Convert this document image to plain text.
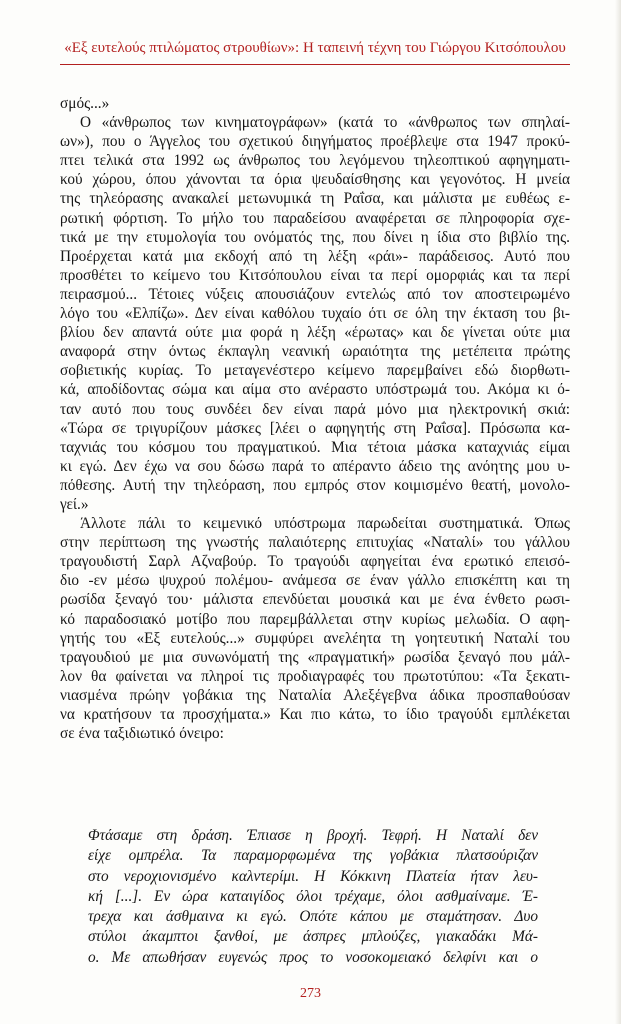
«Εξ ευτελούς πτιλώματος στρουθίων»: Η ταπεινή τέχνη του Γιώργου Κιτσόπουλου
σμός...»
Ο «άνθρωπος των κινηματογράφων» (κατά το «άνθρωπος των σπηλαί-
ων»), που ο Άγγελος του σχετικού διηγήματος προέβλεψε στα 1947 προκύ-
πτει τελικά στα 1992 ως άνθρωπος του λεγόμενου τηλεοπτικού αφηγηματι-
κού χώρου, όπου χάνονται τα όρια ψευδαίσθησης και γεγονότος. Η μνεία
της τηλεόρασης ανακαλεί μετωνυμικά τη Ραΐσα, και μάλιστα με ευθέως ε-
ρωτική φόρτιση. Το μήλο του παραδείσου αναφέρεται σε πληροφορία σχε-
τικά με την ετυμολογία του ονόματός της, που δίνει η ίδια στο βιβλίο της.
Προέρχεται κατά μια εκδοχή από τη λέξη «ράι»- παράδεισος. Αυτό που
προσθέτει το κείμενο του Κιτσόπουλου είναι τα περί ομορφιάς και τα περί
πειρασμού... Τέτοιες νύξεις απουσιάζουν εντελώς από τον αποστειρωμένο
λόγο του «Ελπίζω». Δεν είναι καθόλου τυχαίο ότι σε όλη την έκταση του βι-
βλίου δεν απαντά ούτε μια φορά η λέξη «έρωτας» και δε γίνεται ούτε μια
αναφορά στην όντως έκπαγλη νεανική ωραιότητα της μετέπειτα πρώτης
σοβιετικής κυρίας. Το μεταγενέστερο κείμενο παρεμβαίνει εδώ διορθωτι-
κά, αποδίδοντας σώμα και αίμα στο ανέραστο υπόστρωμά του. Ακόμα κι ό-
ταν αυτό που τους συνδέει δεν είναι παρά μόνο μια ηλεκτρονική σκιά:
«Τώρα σε τριγυρίζουν μάσκες [λέει ο αφηγητής στη Ραΐσα]. Πρόσωπα κα-
ταχνιάς του κόσμου του πραγματικού. Μια τέτοια μάσκα καταχνιάς είμαι
κι εγώ. Δεν έχω να σου δώσω παρά το απέραντο άδειο της ανόητης μου υ-
πόθεσης. Αυτή την τηλεόραση, που εμπρός στον κοιμισμένο θεατή, μονολο-
γεί.»
Άλλοτε πάλι το κειμενικό υπόστρωμα παρωδείται συστηματικά. Όπως
στην περίπτωση της γνωστής παλαιότερης επιτυχίας «Ναταλί» του γάλλου
τραγουδιστή Σαρλ Αζναβούρ. Το τραγούδι αφηγείται ένα ερωτικό επεισό-
διο -εν μέσω ψυχρού πολέμου- ανάμεσα σε έναν γάλλο επισκέπτη και τη
ρωσίδα ξεναγό του· μάλιστα επενδύεται μουσικά και με ένα ένθετο ρωσι-
κό παραδοσιακό μοτίβο που παρεμβάλλεται στην κυρίως μελωδία. Ο αφη-
γητής του «Εξ ευτελούς...» συμφύρει ανελέητα τη γοητευτική Ναταλί του
τραγουδιού με μια συνωνόματή της «πραγματική» ρωσίδα ξεναγό που μάλ-
λον θα φαίνεται να πληροί τις προδιαγραφές του πρωτοτύπου: «Τα ξεκατι-
νιασμένα πρώην γοβάκια της Ναταλία Αλεξέγεβνα άδικα προσπαθούσαν
να κρατήσουν τα προσχήματα.» Και πιο κάτω, το ίδιο τραγούδι εμπλέκεται
σε ένα ταξιδιωτικό όνειρο:
Φτάσαμε στη δράση. Έπιασε η βροχή. Τεφρή. Η Ναταλί δεν
είχε ομπρέλα. Τα παραμορφωμένα της γοβάκια πλατσούριζαν
στο νεροχιονισμένο καλντερίμι. Η Κόκκινη Πλατεία ήταν λευ-
κή [...]. Εν ώρα καταιγίδος όλοι τρέχαμε, όλοι ασθμαίναμε. Έ-
τρεχα και άσθμαινα κι εγώ. Οπότε κάπου με σταμάτησαν. Δυο
στύλοι άκαμπτοι ξανθοί, με άσπρες μπλούζες, γιακαδάκι Μά-
ο. Με απωθήσαν ευγενώς προς το νοσοκομειακό δελφίνι και ο
273
